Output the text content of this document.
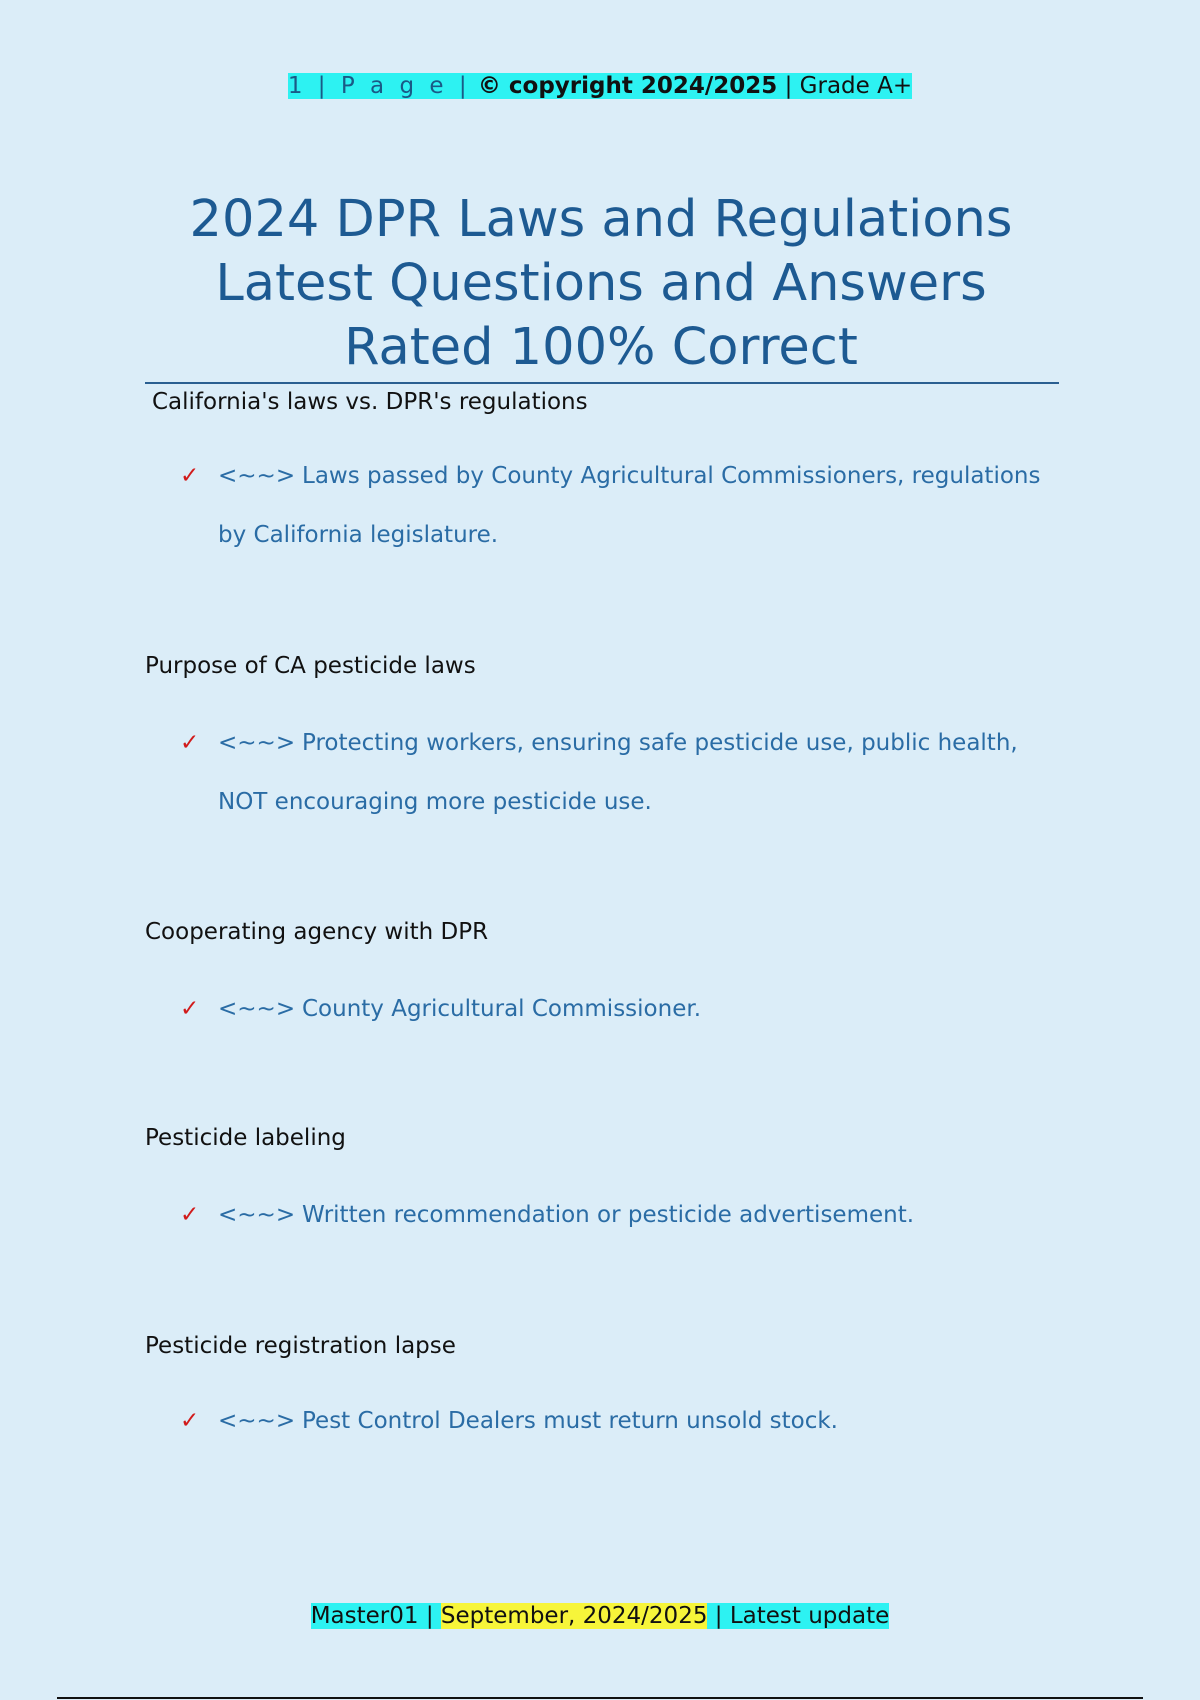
1 | P a g e | © copyright 2024/2025 | Grade A+
2024 DPR Laws and Regulations
Latest Questions and Answers
Rated 100% Correct
California's laws vs. DPR's regulations
✓ <~~> Laws passed by County Agricultural Commissioners, regulations
by California legislature.
Purpose of CA pesticide laws
✓ <~~> Protecting workers, ensuring safe pesticide use, public health,
NOT encouraging more pesticide use.
Cooperating agency with DPR
✓ <~~> County Agricultural Commissioner.
Pesticide labeling
✓ <~~> Written recommendation or pesticide advertisement.
Pesticide registration lapse
✓ <~~> Pest Control Dealers must return unsold stock.
Master01 | September, 2024/2025 | Latest update
